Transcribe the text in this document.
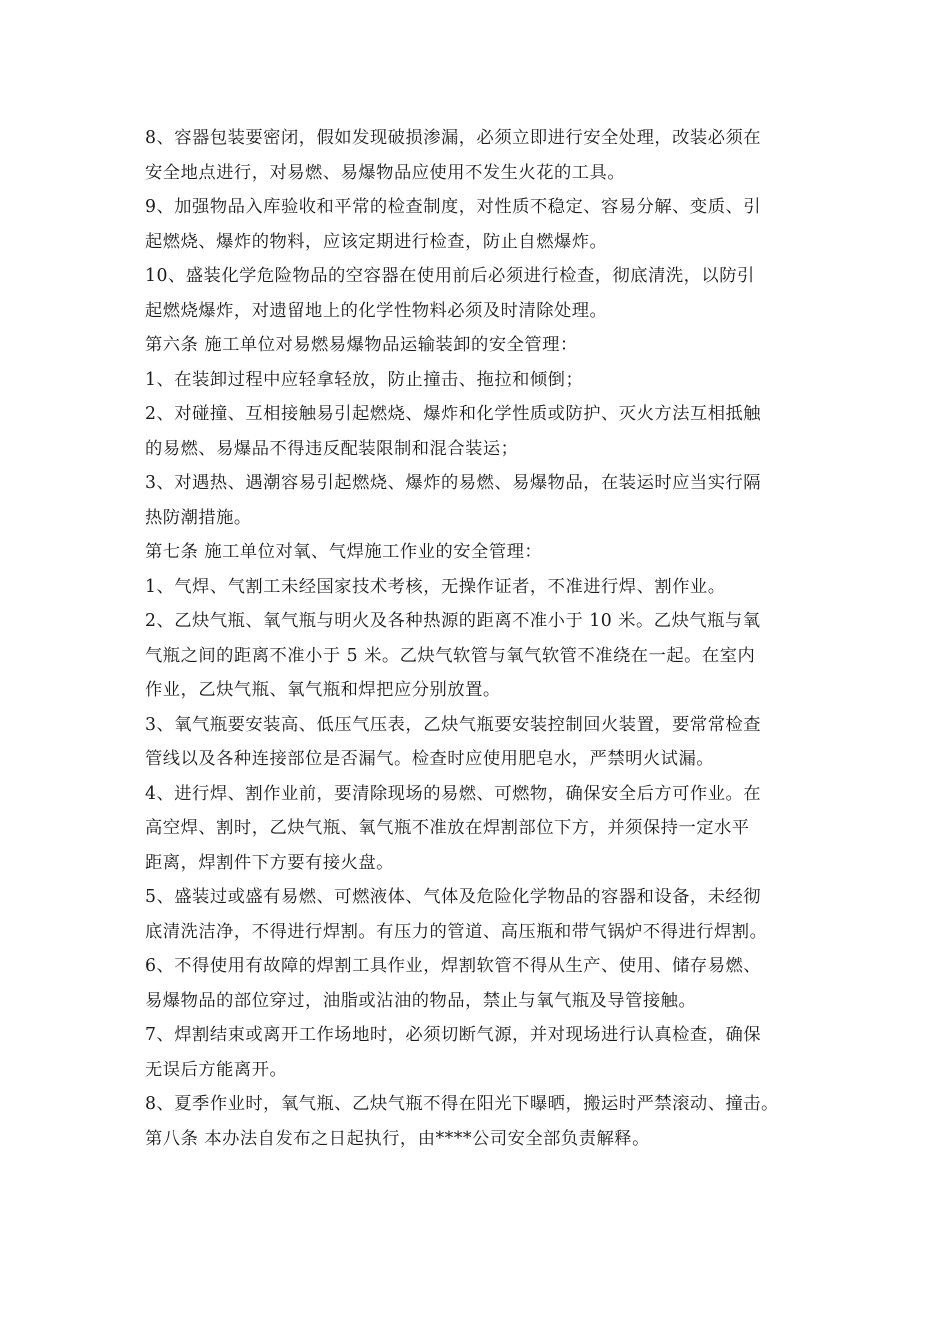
8、容器包装要密闭，假如发现破损渗漏，必须立即进行安全处理，改装必须在
安全地点进行，对易燃、易爆物品应使用不发生火花的工具。
9、加强物品入库验收和平常的检查制度，对性质不稳定、容易分解、变质、引
起燃烧、爆炸的物料，应该定期进行检查，防止自燃爆炸。
10、盛装化学危险物品的空容器在使用前后必须进行检查，彻底清洗，以防引
起燃烧爆炸，对遗留地上的化学性物料必须及时清除处理。
第六条 施工单位对易燃易爆物品运输装卸的安全管理：
1、在装卸过程中应轻拿轻放，防止撞击、拖拉和倾倒；
2、对碰撞、互相接触易引起燃烧、爆炸和化学性质或防护、灭火方法互相抵触
的易燃、易爆品不得违反配装限制和混合装运；
3、对遇热、遇潮容易引起燃烧、爆炸的易燃、易爆物品，在装运时应当实行隔
热防潮措施。
第七条 施工单位对氧、气焊施工作业的安全管理：
1、气焊、气割工未经国家技术考核，无操作证者，不准进行焊、割作业。
2、乙炔气瓶、氧气瓶与明火及各种热源的距离不准小于 10 米。乙炔气瓶与氧
气瓶之间的距离不准小于 5 米。乙炔气软管与氧气软管不准绕在一起。在室内
作业，乙炔气瓶、氧气瓶和焊把应分别放置。
3、氧气瓶要安装高、低压气压表，乙炔气瓶要安装控制回火装置，要常常检查
管线以及各种连接部位是否漏气。检查时应使用肥皂水，严禁明火试漏。
4、进行焊、割作业前，要清除现场的易燃、可燃物，确保安全后方可作业。在
高空焊、割时，乙炔气瓶、氧气瓶不准放在焊割部位下方，并须保持一定水平
距离，焊割件下方要有接火盘。
5、盛装过或盛有易燃、可燃液体、气体及危险化学物品的容器和设备，未经彻
底清洗洁净，不得进行焊割。有压力的管道、高压瓶和带气锅炉不得进行焊割。
6、不得使用有故障的焊割工具作业，焊割软管不得从生产、使用、储存易燃、
易爆物品的部位穿过，油脂或沾油的物品，禁止与氧气瓶及导管接触。
7、焊割结束或离开工作场地时，必须切断气源，并对现场进行认真检查，确保
无误后方能离开。
8、夏季作业时，氧气瓶、乙炔气瓶不得在阳光下曝晒，搬运时严禁滚动、撞击。
第八条 本办法自发布之日起执行，由****公司安全部负责解释。
